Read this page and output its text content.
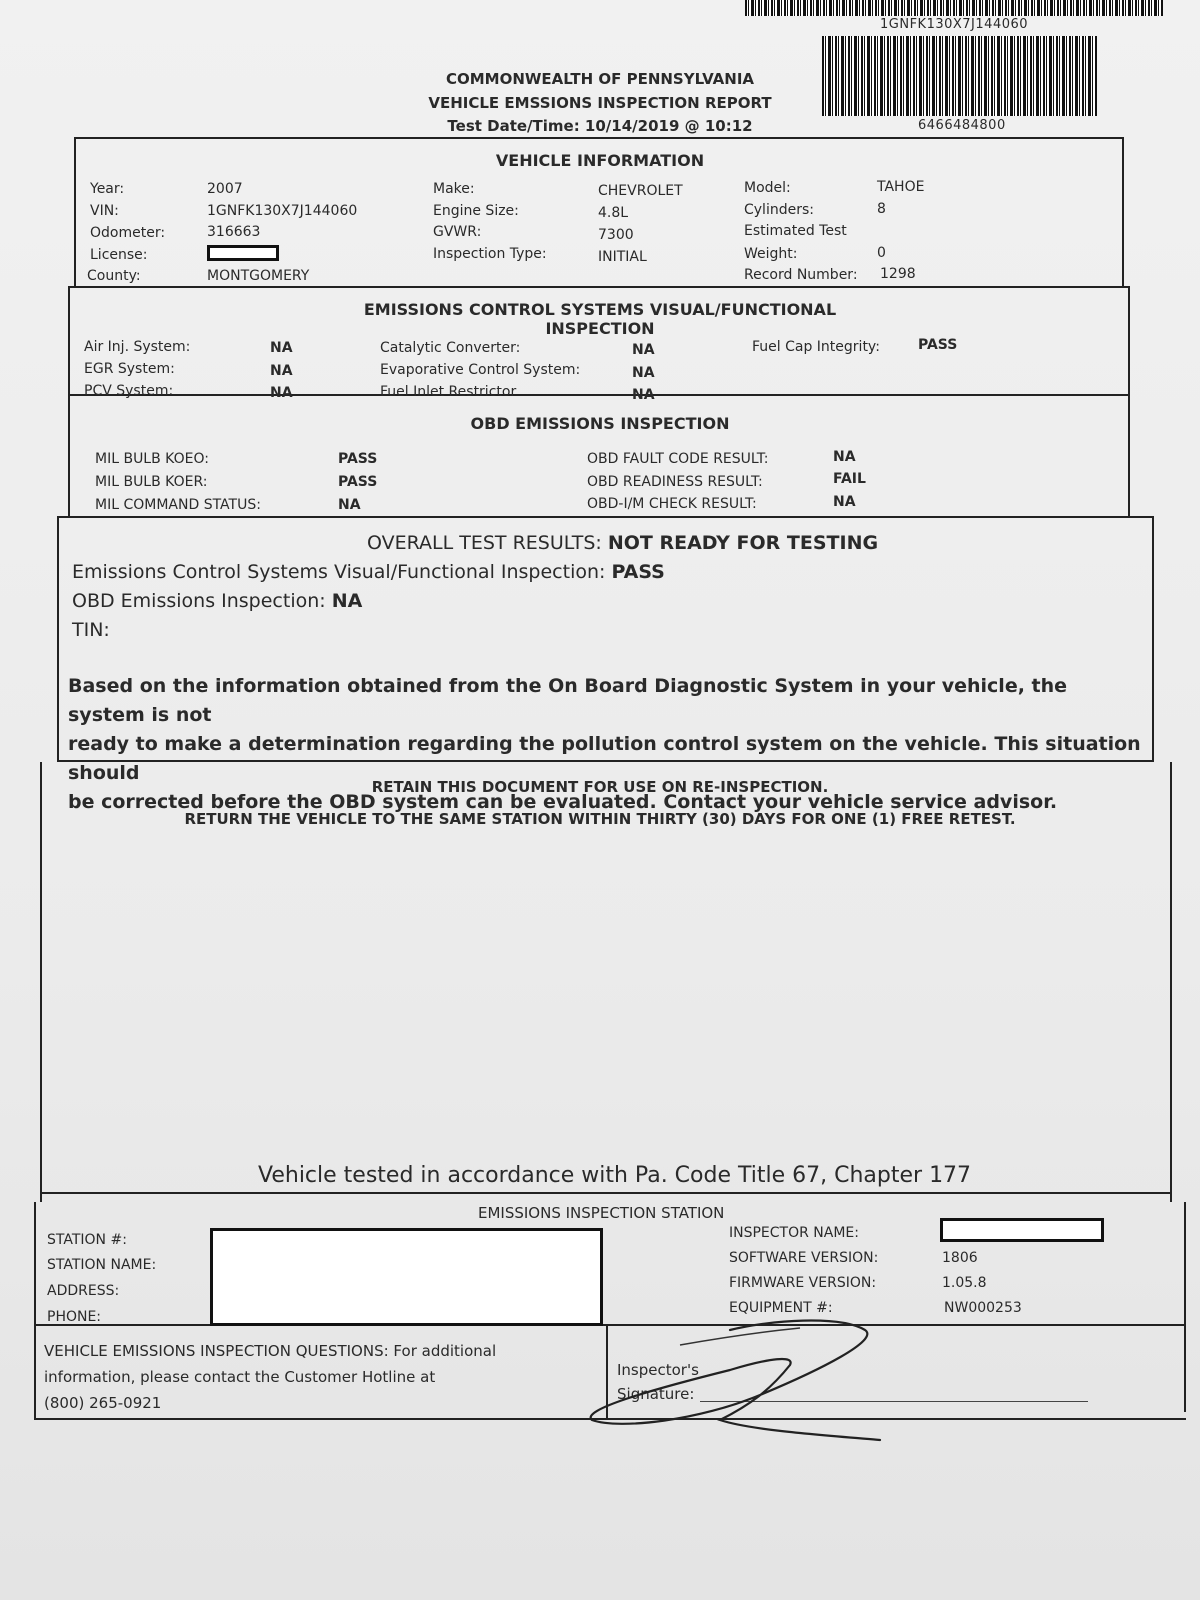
1GNFK130X7J144060
6466484800
COMMONWEALTH OF PENNSYLVANIA
VEHICLE EMSSIONS INSPECTION REPORT
Test Date/Time: 10/14/2019 @ 10:12
VEHICLE INFORMATION
Year:	2007
VIN:	1GNFK130X7J144060
Odometer:	316663
License:
County:	MONTGOMERY
Make:	CHEVROLET
Engine Size:	4.8L
GVWR:	7300
Inspection Type:	INITIAL
Model:	TAHOE
Cylinders:	8
Estimated Test
Weight:	0
Record Number: 1298
EMISSIONS CONTROL SYSTEMS VISUAL/FUNCTIONAL INSPECTION
Air Inj. System:	NA
EGR System:	NA
PCV System:	NA
Catalytic Converter:	NA
Evaporative Control System:	NA
Fuel Inlet Restrictor	NA
Fuel Cap Integrity:	PASS
OBD EMISSIONS INSPECTION
MIL BULB KOEO:	PASS
MIL BULB KOER:	PASS
MIL COMMAND STATUS:	NA
OBD FAULT CODE RESULT:	NA
OBD READINESS RESULT:	FAIL
OBD-I/M CHECK RESULT:	NA
OVERALL TEST RESULTS: NOT READY FOR TESTING
Emissions Control Systems Visual/Functional Inspection: PASS
OBD Emissions Inspection: NA
TIN:
Based on the information obtained from the On Board Diagnostic System in your vehicle, the system is not
ready to make a determination regarding the pollution control system on the vehicle. This situation should
be corrected before the OBD system can be evaluated. Contact your vehicle service advisor.
RETAIN THIS DOCUMENT FOR USE ON RE-INSPECTION.
RETURN THE VEHICLE TO THE SAME STATION WITHIN THIRTY (30) DAYS FOR ONE (1) FREE RETEST.
Vehicle tested in accordance with Pa. Code Title 67, Chapter 177
EMISSIONS INSPECTION STATION
STATION #:
STATION NAME:
ADDRESS:
PHONE:
INSPECTOR NAME:
SOFTWARE VERSION:	1806
FIRMWARE VERSION:	1.05.8
EQUIPMENT #:	NW000253
VEHICLE EMISSIONS INSPECTION QUESTIONS: For additional
information, please contact the Customer Hotline at
(800) 265-0921
Inspector's
Signature:
